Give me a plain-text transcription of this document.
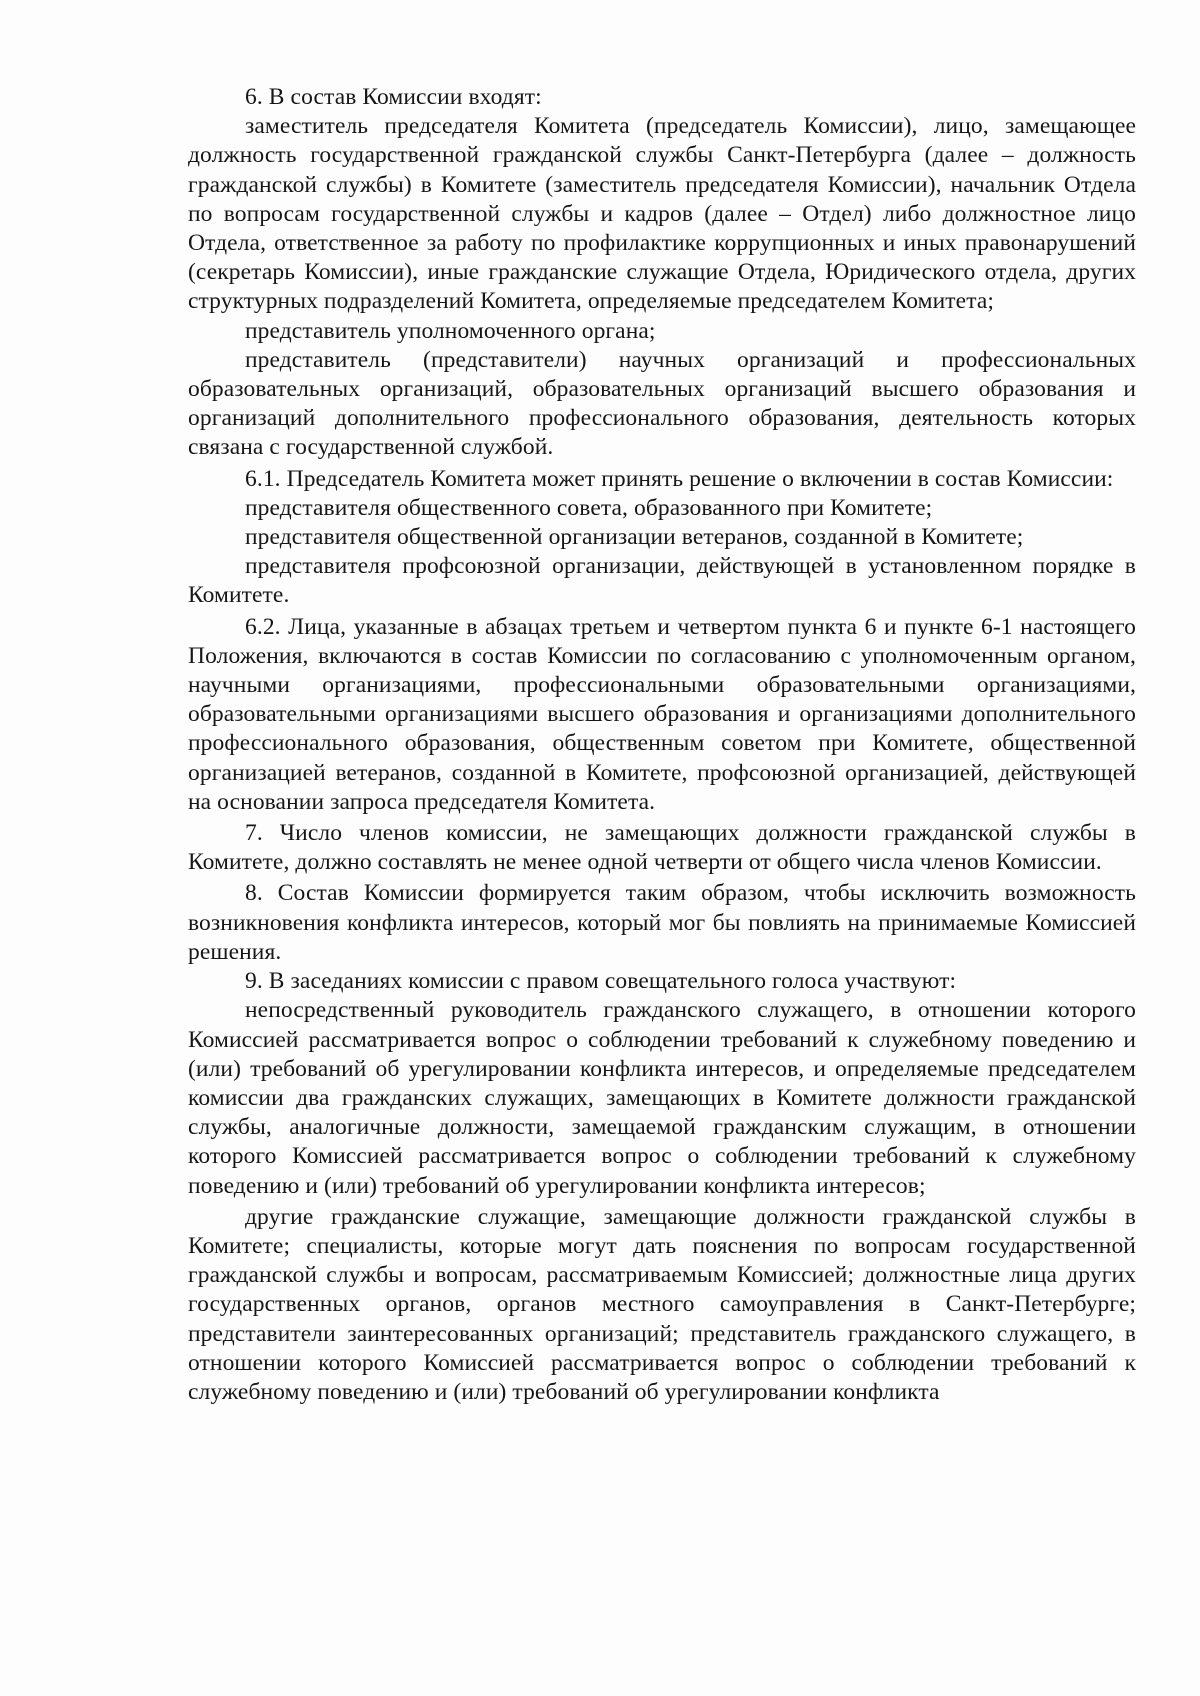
6. В состав Комиссии входят:

заместитель председателя Комитета (председатель Комиссии), лицо, замещающее должность государственной гражданской службы Санкт-Петербурга (далее – должность гражданской службы) в Комитете (заместитель председателя Комиссии), начальник Отдела по вопросам государственной службы и кадров (далее – Отдел) либо должностное лицо Отдела, ответственное за работу по профилактике коррупционных и иных правонарушений (секретарь Комиссии), иные гражданские служащие Отдела, Юридического отдела, других структурных подразделений Комитета, определяемые председателем Комитета;

представитель уполномоченного органа;

представитель (представители) научных организаций и профессиональных образовательных организаций, образовательных организаций высшего образования и организаций дополнительного профессионального образования, деятельность которых связана с государственной службой.

6.1. Председатель Комитета может принять решение о включении в состав Комиссии:

представителя общественного совета, образованного при Комитете;

представителя общественной организации ветеранов, созданной в Комитете;

представителя профсоюзной организации, действующей в установленном порядке в Комитете.

6.2. Лица, указанные в абзацах третьем и четвертом пункта 6 и пункте 6-1 настоящего Положения, включаются в состав Комиссии по согласованию с уполномоченным органом, научными организациями, профессиональными образовательными организациями, образовательными организациями высшего образования и организациями дополнительного профессионального образования, общественным советом при Комитете, общественной организацией ветеранов, созданной в Комитете, профсоюзной организацией, действующей на основании запроса председателя Комитета.

7. Число членов комиссии, не замещающих должности гражданской службы в Комитете, должно составлять не менее одной четверти от общего числа членов Комиссии.

8. Состав Комиссии формируется таким образом, чтобы исключить возможность возникновения конфликта интересов, который мог бы повлиять на принимаемые Комиссией решения.

9. В заседаниях комиссии с правом совещательного голоса участвуют:

непосредственный руководитель гражданского служащего, в отношении которого Комиссией рассматривается вопрос о соблюдении требований к служебному поведению и (или) требований об урегулировании конфликта интересов, и определяемые председателем комиссии два гражданских служащих, замещающих в Комитете должности гражданской службы, аналогичные должности, замещаемой гражданским служащим, в отношении которого Комиссией рассматривается вопрос о соблюдении требований к служебному поведению и (или) требований об урегулировании конфликта интересов;

другие гражданские служащие, замещающие должности гражданской службы в Комитете; специалисты, которые могут дать пояснения по вопросам государственной гражданской службы и вопросам, рассматриваемым Комиссией; должностные лица других государственных органов, органов местного самоуправления в Санкт-Петербурге; представители заинтересованных организаций; представитель гражданского служащего, в отношении которого Комиссией рассматривается вопрос о соблюдении требований к служебному поведению и (или) требований об урегулировании конфликта
